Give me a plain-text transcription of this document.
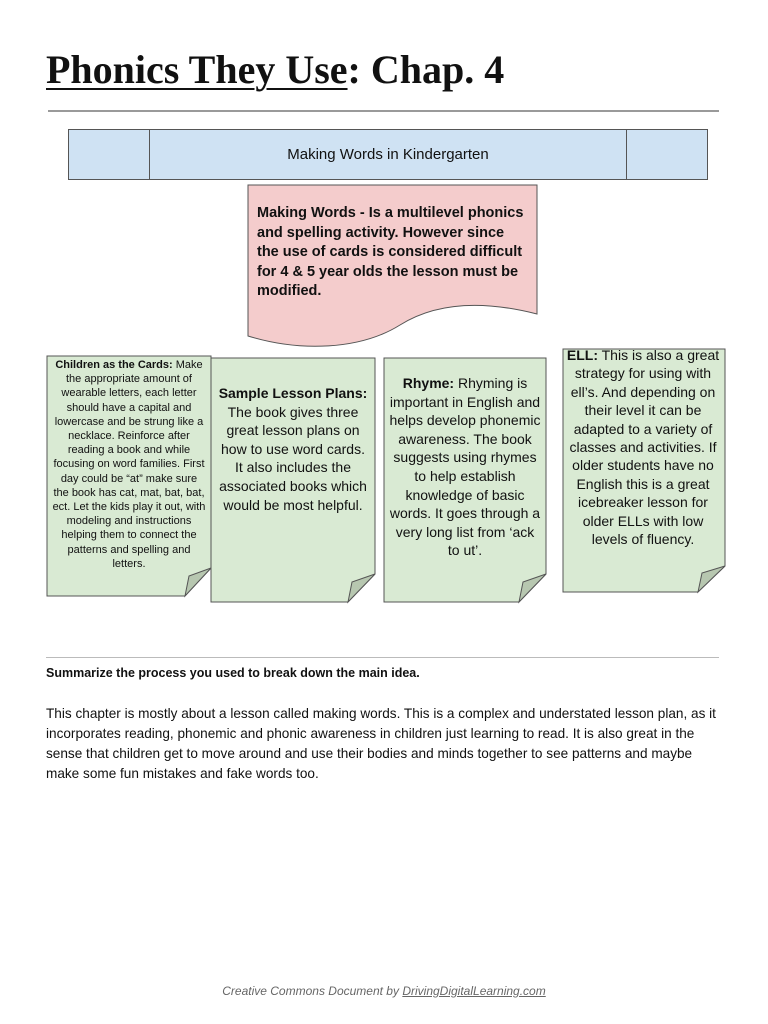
Phonics They Use: Chap. 4
Making Words in Kindergarten
Making Words - Is a multilevel phonics and spelling activity. However since the use of cards is considered difficult for 4 & 5 year olds the lesson must be modified.
Children as the Cards: Make the appropriate amount of wearable letters, each letter should have a capital and lowercase and be strung like a necklace. Reinforce after reading a book and while focusing on word families. First day could be “at” make sure the book has cat, mat, bat, bat, ect. Let the kids play it out, with modeling and instructions helping them to connect the patterns and spelling and letters.
Sample Lesson Plans: The book gives three great lesson plans on how to use word cards. It also includes the associated books which would be most helpful.
Rhyme: Rhyming is important in English and helps develop phonemic awareness. The book suggests using rhymes to help establish knowledge of basic words. It goes through a very long list from ‘ack to ut’.
ELL: This is also a great strategy for using with ell’s. And depending on their level it can be adapted to a variety of classes and activities. If older students have no English this is a great icebreaker lesson for older ELLs with low levels of fluency.
Summarize the process you used to break down the main idea.

This chapter is mostly about a lesson called making words. This is a complex and understated lesson plan, as it incorporates reading, phonemic and phonic awareness in children just learning to read. It is also great in the sense that children get to move around and use their bodies and minds together to see patterns and maybe make some fun mistakes and fake words too.

Creative Commons Document by DrivingDigitalLearning.com
